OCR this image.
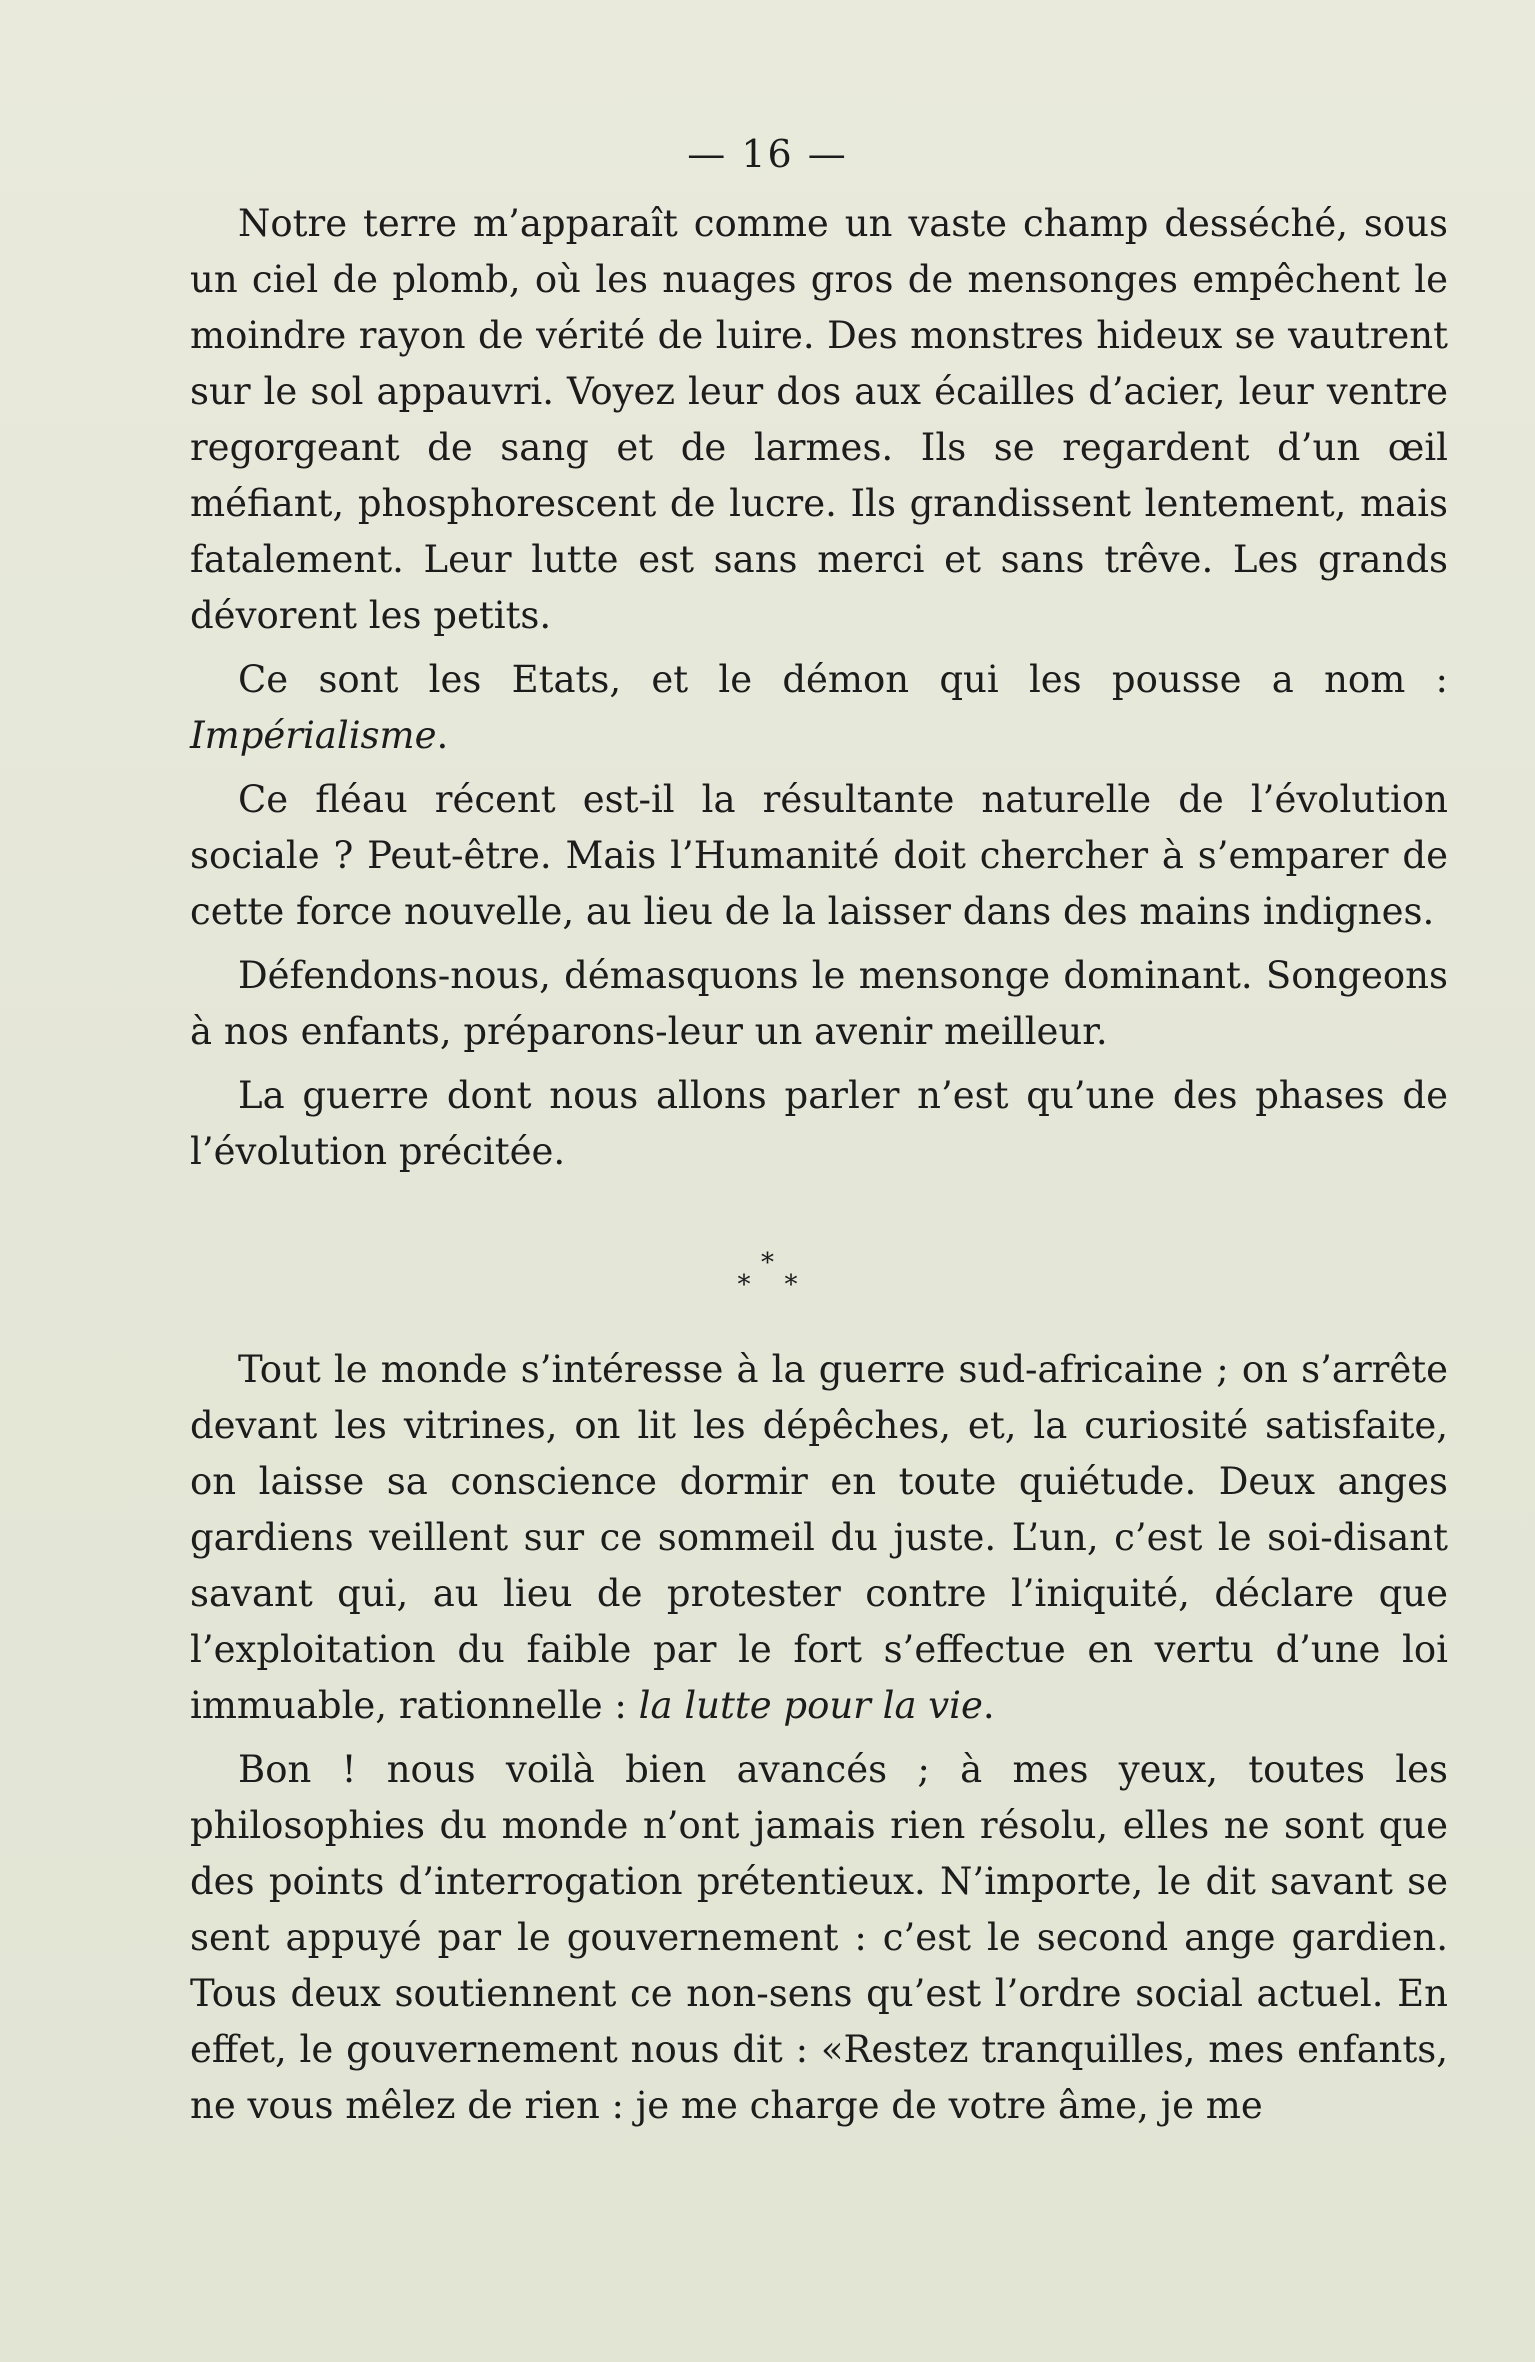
— 16 —

Notre terre m’apparaît comme un vaste champ desséché, sous un ciel de plomb, où les nuages gros de mensonges empêchent le moindre rayon de vérité de luire. Des monstres hideux se vautrent sur le sol appauvri. Voyez leur dos aux écailles d’acier, leur ventre regorgeant de sang et de larmes. Ils se regardent d’un œil méfiant, phosphorescent de lucre. Ils grandissent lentement, mais fatalement. Leur lutte est sans merci et sans trêve. Les grands dévorent les petits.

Ce sont les Etats, et le démon qui les pousse a nom : Impérialisme.

Ce fléau récent est-il la résultante naturelle de l’évolution sociale ? Peut-être. Mais l’Humanité doit chercher à s’emparer de cette force nouvelle, au lieu de la laisser dans des mains indignes.

Défendons-nous, démasquons le mensonge dominant. Songeons à nos enfants, préparons-leur un avenir meilleur.

La guerre dont nous allons parler n’est qu’une des phases de l’évolution précitée.

*
**

Tout le monde s’intéresse à la guerre sud-africaine ; on s’arrête devant les vitrines, on lit les dépêches, et, la curiosité satisfaite, on laisse sa conscience dormir en toute quiétude. Deux anges gardiens veillent sur ce sommeil du juste. L’un, c’est le soi-disant savant qui, au lieu de protester contre l’iniquité, déclare que l’exploitation du faible par le fort s’effectue en vertu d’une loi immuable, rationnelle : la lutte pour la vie.

Bon ! nous voilà bien avancés ; à mes yeux, toutes les philosophies du monde n’ont jamais rien résolu, elles ne sont que des points d’interrogation prétentieux. N’importe, le dit savant se sent appuyé par le gouvernement : c’est le second ange gardien. Tous deux soutiennent ce non-sens qu’est l’ordre social actuel. En effet, le gouvernement nous dit : «Restez tranquilles, mes enfants, ne vous mêlez de rien : je me charge de votre âme, je me
